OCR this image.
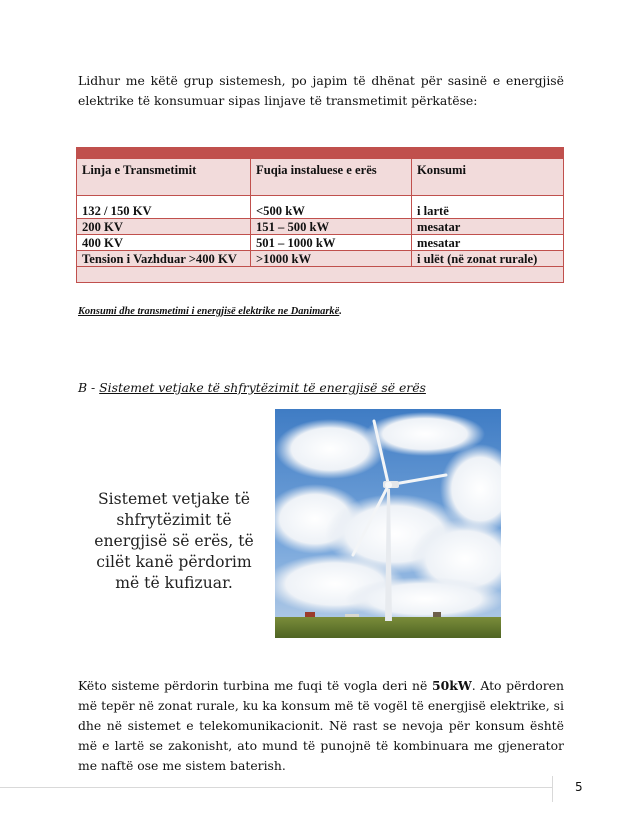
Lidhur me këtë grup sistemesh, po japim të dhënat për sasinë e energjisë elektrike të konsumuar sipas linjave të transmetimit përkatëse:

Linja e Transmetimit	Fuqia instaluese e erës	Konsumi
132 / 150 KV	<500 kW	i lartë
200 KV	151 – 500 kW	mesatar
400 KV	501 – 1000 kW	mesatar
Tension i Vazhduar >400 KV	>1000 kW	i ulët (në zonat rurale)

Konsumi dhe transmetimi i energjisë elektrike ne Danimarkë.
B - Sistemet vetjake të shfrytëzimit të energjisë së erës
Sistemet vetjake të shfrytëzimit të energjisë së erës, të cilët kanë përdorim më të kufizuar.

Këto sisteme përdorin turbina me fuqi të vogla deri në 50kW. Ato përdoren më tepër në zonat rurale, ku ka konsum më të vogël të energjisë elektrike, si dhe në sistemet e telekomunikacionit. Në rast se nevoja për konsum është më e lartë se zakonisht, ato mund të punojnë të kombinuara me gjenerator me naftë ose me sistem baterish.

5
